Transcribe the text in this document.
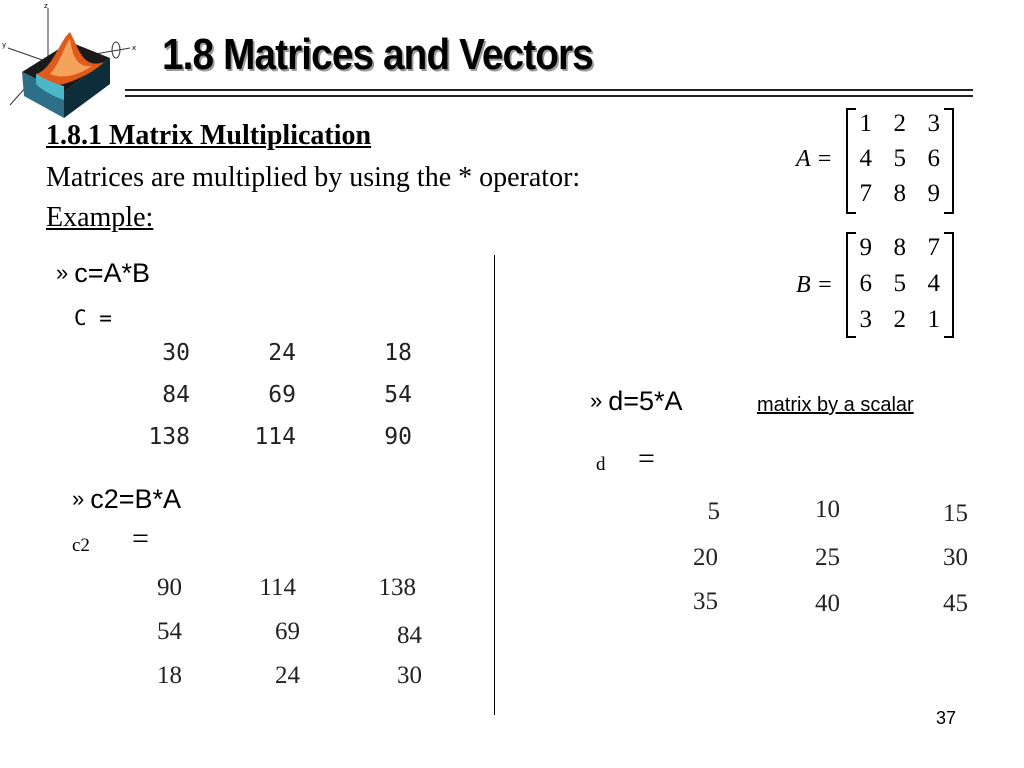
z
y	x 1.8 Matrices and Vectors
1.8.1 Matrix Multiplication
Matrices are multiplied by using the * operator:
Example:
» c=A*B
C =
30	24	18
84	69	54
138	114	90
» c2=B*A
c2 =
90	114	138
54	69	84
18	24	30
» d=5*A	matrix by a scalar
d =
5	10	15
20	25	30
35	40	45
A =
1 2 3
4 5 6
7 8 9
B =
9 8 7
6 5 4
3 2 1
37
